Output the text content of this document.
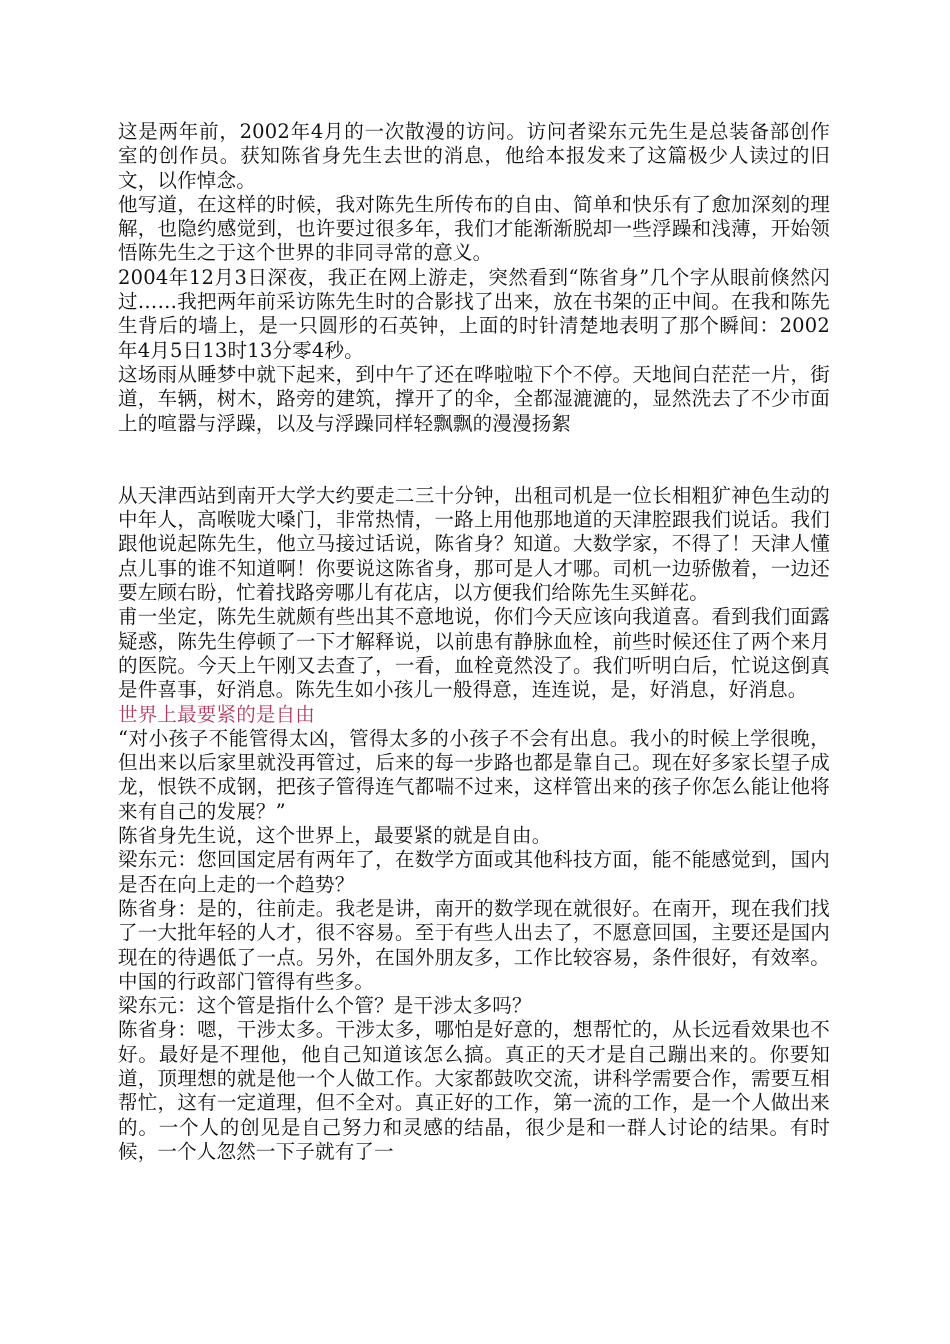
这是两年前，2002年4月的一次散漫的访问。访问者梁东元先生是总装备部创作室的创作员。获知陈省身先生去世的消息，他给本报发来了这篇极少人读过的旧文，以作悼念。

他写道，在这样的时候，我对陈先生所传布的自由、简单和快乐有了愈加深刻的理解，也隐约感觉到，也许要过很多年，我们才能渐渐脱却一些浮躁和浅薄，开始领悟陈先生之于这个世界的非同寻常的意义。

2004年12月3日深夜，我正在网上游走，突然看到“陈省身”几个字从眼前倏然闪过……我把两年前采访陈先生时的合影找了出来，放在书架的正中间。在我和陈先生背后的墙上，是一只圆形的石英钟，上面的时针清楚地表明了那个瞬间：2002年4月5日13时13分零4秒。

这场雨从睡梦中就下起来，到中午了还在哗啦啦下个不停。天地间白茫茫一片，街道，车辆，树木，路旁的建筑，撑开了的伞，全都湿漉漉的，显然洗去了不少市面上的喧嚣与浮躁，以及与浮躁同样轻飘飘的漫漫扬絮

从天津西站到南开大学大约要走二三十分钟，出租司机是一位长相粗犷神色生动的中年人，高喉咙大嗓门，非常热情，一路上用他那地道的天津腔跟我们说话。我们跟他说起陈先生，他立马接过话说，陈省身？知道。大数学家，不得了！天津人懂点儿事的谁不知道啊！你要说这陈省身，那可是人才哪。司机一边骄傲着，一边还要左顾右盼，忙着找路旁哪儿有花店，以方便我们给陈先生买鲜花。

甫一坐定，陈先生就颇有些出其不意地说，你们今天应该向我道喜。看到我们面露疑惑，陈先生停顿了一下才解释说，以前患有静脉血栓，前些时候还住了两个来月的医院。今天上午刚又去查了，一看，血栓竟然没了。我们听明白后，忙说这倒真是件喜事，好消息。陈先生如小孩儿一般得意，连连说，是，好消息，好消息。

世界上最要紧的是自由

“对小孩子不能管得太凶，管得太多的小孩子不会有出息。我小的时候上学很晚，但出来以后家里就没再管过，后来的每一步路也都是靠自己。现在好多家长望子成龙，恨铁不成钢，把孩子管得连气都喘不过来，这样管出来的孩子你怎么能让他将来有自己的发展？”

陈省身先生说，这个世界上，最要紧的就是自由。

梁东元：您回国定居有两年了，在数学方面或其他科技方面，能不能感觉到，国内是否在向上走的一个趋势？

陈省身：是的，往前走。我老是讲，南开的数学现在就很好。在南开，现在我们找了一大批年轻的人才，很不容易。至于有些人出去了，不愿意回国，主要还是国内现在的待遇低了一点。另外，在国外朋友多，工作比较容易，条件很好，有效率。中国的行政部门管得有些多。

梁东元：这个管是指什么个管？是干涉太多吗？

陈省身：嗯，干涉太多。干涉太多，哪怕是好意的，想帮忙的，从长远看效果也不好。最好是不理他，他自己知道该怎么搞。真正的天才是自己蹦出来的。你要知道，顶理想的就是他一个人做工作。大家都鼓吹交流，讲科学需要合作，需要互相帮忙，这有一定道理，但不全对。真正好的工作，第一流的工作，是一个人做出来的。一个人的创见是自己努力和灵感的结晶，很少是和一群人讨论的结果。有时候，一个人忽然一下子就有了一
